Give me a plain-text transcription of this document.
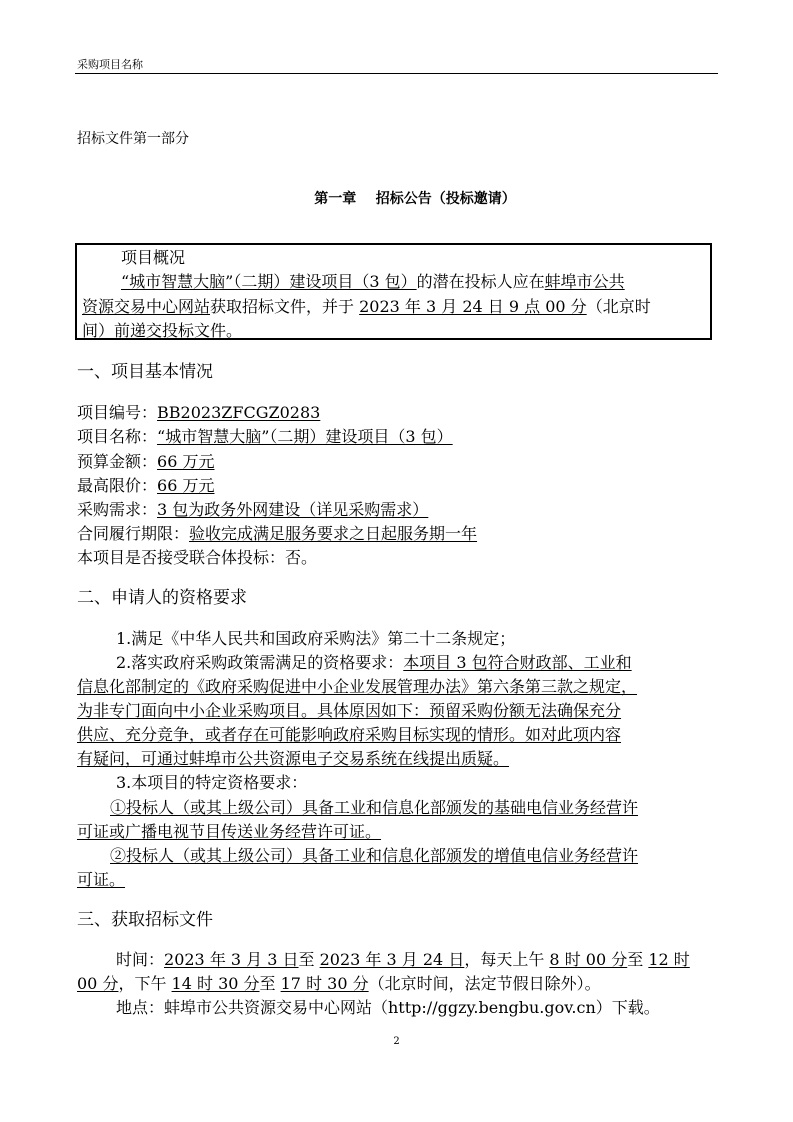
采购项目名称
招标文件第一部分
第一章    招标公告（投标邀请）
项目概况
“城市智慧大脑”（二期）建设项目（3 包）的潜在投标人应在蚌埠市公共
资源交易中心网站获取招标文件，并于 2023 年 3 月 24 日 9 点 00 分（北京时
间）前递交投标文件。
一、项目基本情况
项目编号：BB2023ZFCGZ0283
项目名称：“城市智慧大脑”（二期）建设项目（3 包）
预算金额：66 万元
最高限价：66 万元
采购需求：3 包为政务外网建设（详见采购需求）
合同履行期限：验收完成满足服务要求之日起服务期一年
本项目是否接受联合体投标：否。
二、申请人的资格要求
1.满足《中华人民共和国政府采购法》第二十二条规定；
2.落实政府采购政策需满足的资格要求：本项目 3 包符合财政部、工业和
信息化部制定的《政府采购促进中小企业发展管理办法》第六条第三款之规定，
为非专门面向中小企业采购项目。具体原因如下：预留采购份额无法确保充分
供应、充分竞争，或者存在可能影响政府采购目标实现的情形。如对此项内容
有疑问，可通过蚌埠市公共资源电子交易系统在线提出质疑。
3.本项目的特定资格要求：
①投标人（或其上级公司）具备工业和信息化部颁发的基础电信业务经营许
可证或广播电视节目传送业务经营许可证。
②投标人（或其上级公司）具备工业和信息化部颁发的增值电信业务经营许
可证。
三、获取招标文件
时间：2023 年 3 月 3 日至 2023 年 3 月 24 日，每天上午 8 时 00 分至 12 时
00 分，下午 14 时 30 分至 17 时 30 分（北京时间，法定节假日除外）。
地点：蚌埠市公共资源交易中心网站（http://ggzy.bengbu.gov.cn）下载。
2
